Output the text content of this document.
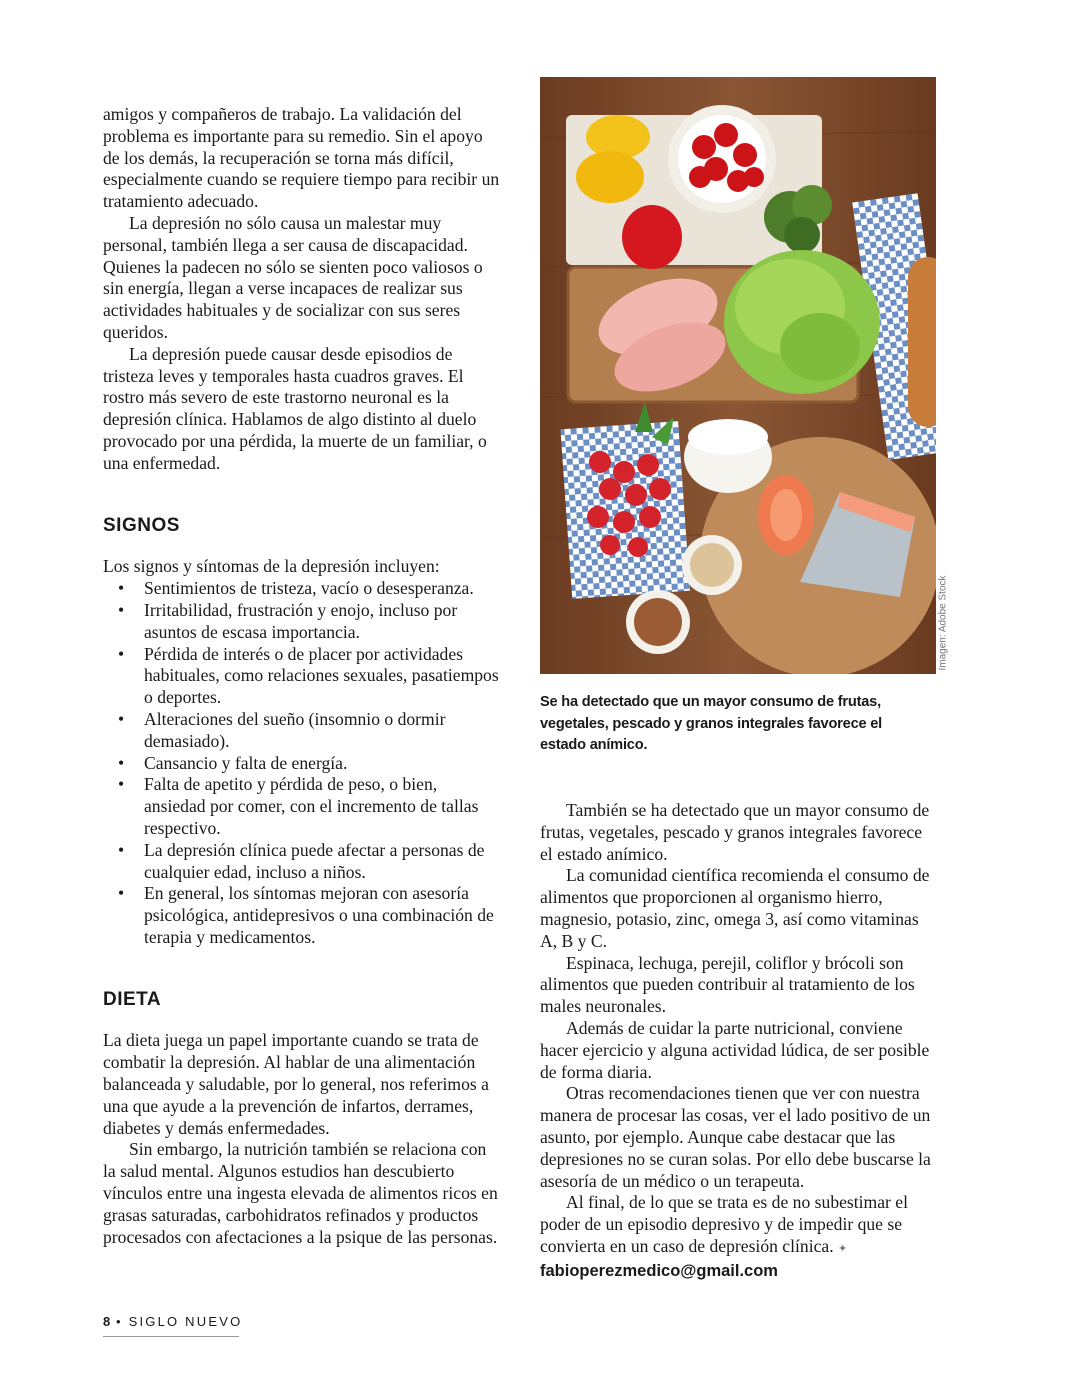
amigos y compañeros de trabajo. La validación del problema es importante para su remedio. Sin el apoyo de los demás, la recuperación se torna más difícil, especialmente cuando se requiere tiempo para recibir un tratamiento adecuado.

La depresión no sólo causa un malestar muy personal, también llega a ser causa de discapacidad. Quienes la padecen no sólo se sienten poco valiosos o sin energía, llegan a verse incapaces de realizar sus actividades habituales y de socializar con sus seres queridos.

La depresión puede causar desde episodios de tristeza leves y temporales hasta cuadros graves. El rostro más severo de este trastorno neuronal es la depresión clínica. Hablamos de algo distinto al duelo provocado por una pérdida, la muerte de un familiar, o una enfermedad.

SIGNOS

Los signos y síntomas de la depresión incluyen:

• Sentimientos de tristeza, vacío o desesperanza.
• Irritabilidad, frustración y enojo, incluso por asuntos de escasa importancia.
• Pérdida de interés o de placer por actividades habituales, como relaciones sexuales, pasatiempos o deportes.
• Alteraciones del sueño (insomnio o dormir demasiado).
• Cansancio y falta de energía.
• Falta de apetito y pérdida de peso, o bien, ansiedad por comer, con el incremento de tallas respectivo.
• La depresión clínica puede afectar a personas de cualquier edad, incluso a niños.
• En general, los síntomas mejoran con asesoría psicológica, antidepresivos o una combinación de terapia y medicamentos.
DIETA

La dieta juega un papel importante cuando se trata de combatir la depresión. Al hablar de una alimentación balanceada y saludable, por lo general, nos referimos a una que ayude a la prevención de infartos, derrames, diabetes y demás enfermedades.

Sin embargo, la nutrición también se relaciona con la salud mental. Algunos estudios han descubierto vínculos entre una ingesta elevada de alimentos ricos en grasas saturadas, carbohidratos refinados y productos procesados con afectaciones a la psique de las personas.

Imagen: Adobe Stock
Se ha detectado que un mayor consumo de frutas, vegetales, pescado y granos integrales favorece el estado anímico.

También se ha detectado que un mayor consumo de frutas, vegetales, pescado y granos integrales favorece el estado anímico.

La comunidad científica recomienda el consumo de alimentos que proporcionen al organismo hierro, magnesio, potasio, zinc, omega 3, así como vitaminas A, B y C.

Espinaca, lechuga, perejil, coliflor y brócoli son alimentos que pueden contribuir al tratamiento de los males neuronales.

Además de cuidar la parte nutricional, conviene hacer ejercicio y alguna actividad lúdica, de ser posible de forma diaria.

Otras recomendaciones tienen que ver con nuestra manera de procesar las cosas, ver el lado positivo de un asunto, por ejemplo. Aunque cabe destacar que las depresiones no se curan solas. Por ello debe buscarse la asesoría de un médico o un terapeuta.

Al final, de lo que se trata es de no subestimar el poder de un episodio depresivo y de impedir que se convierta en un caso de depresión clínica. ✦

fabioperezmedico@gmail.com

8 • SIGLO NUEVO
